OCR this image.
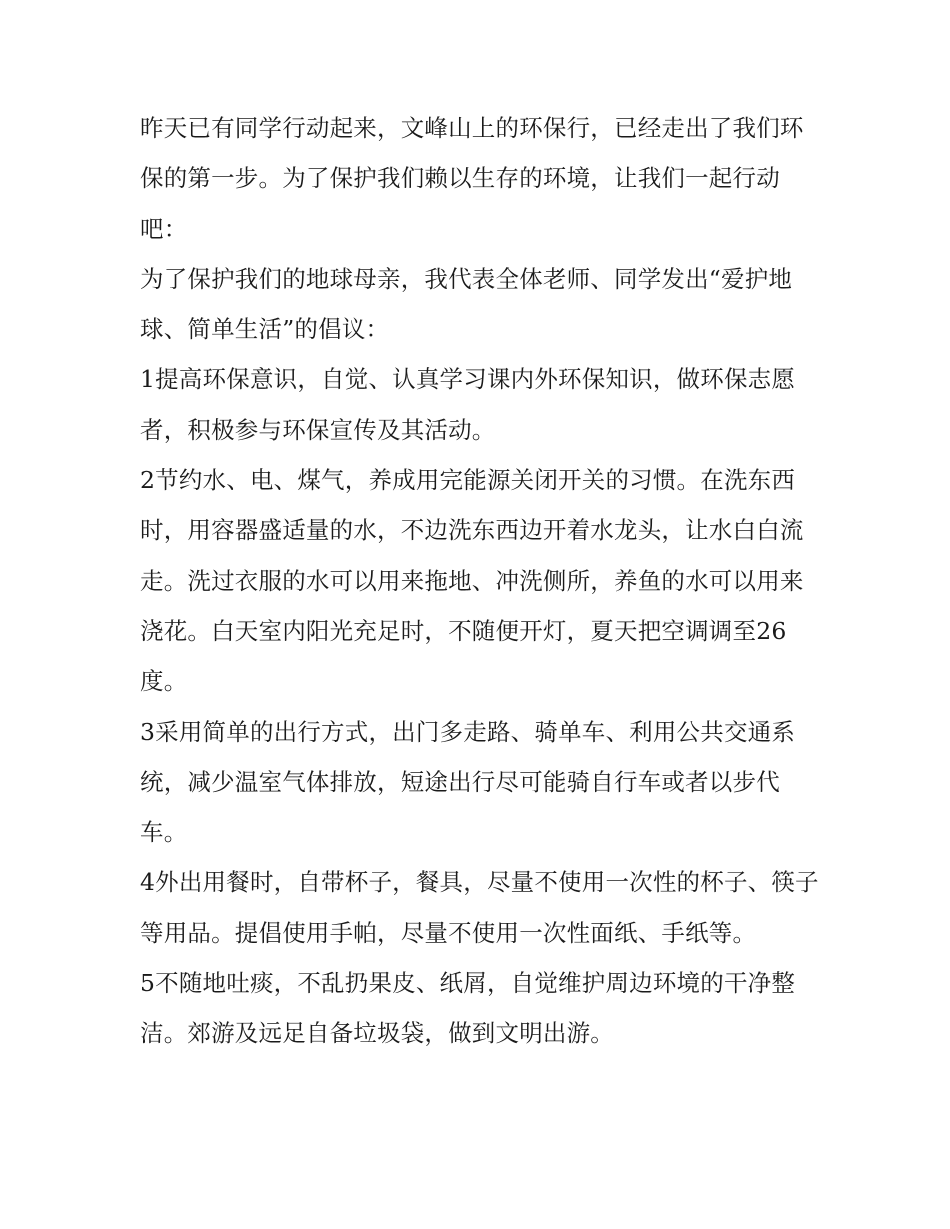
昨天已有同学行动起来，文峰山上的环保行，已经走出了我们环保的第一步。为了保护我们赖以生存的环境，让我们一起行动吧：

为了保护我们的地球母亲，我代表全体老师、同学发出“爱护地球、简单生活”的倡议：

1提高环保意识，自觉、认真学习课内外环保知识，做环保志愿者，积极参与环保宣传及其活动。

2节约水、电、煤气，养成用完能源关闭开关的习惯。在洗东西时，用容器盛适量的水，不边洗东西边开着水龙头，让水白白流走。洗过衣服的水可以用来拖地、冲洗侧所，养鱼的水可以用来浇花。白天室内阳光充足时，不随便开灯，夏天把空调调至26度。

3采用简单的出行方式，出门多走路、骑单车、利用公共交通系统，减少温室气体排放，短途出行尽可能骑自行车或者以步代车。

4外出用餐时，自带杯子，餐具，尽量不使用一次性的杯子、筷子等用品。提倡使用手帕，尽量不使用一次性面纸、手纸等。

5不随地吐痰，不乱扔果皮、纸屑，自觉维护周边环境的干净整洁。郊游及远足自备垃圾袋，做到文明出游。
